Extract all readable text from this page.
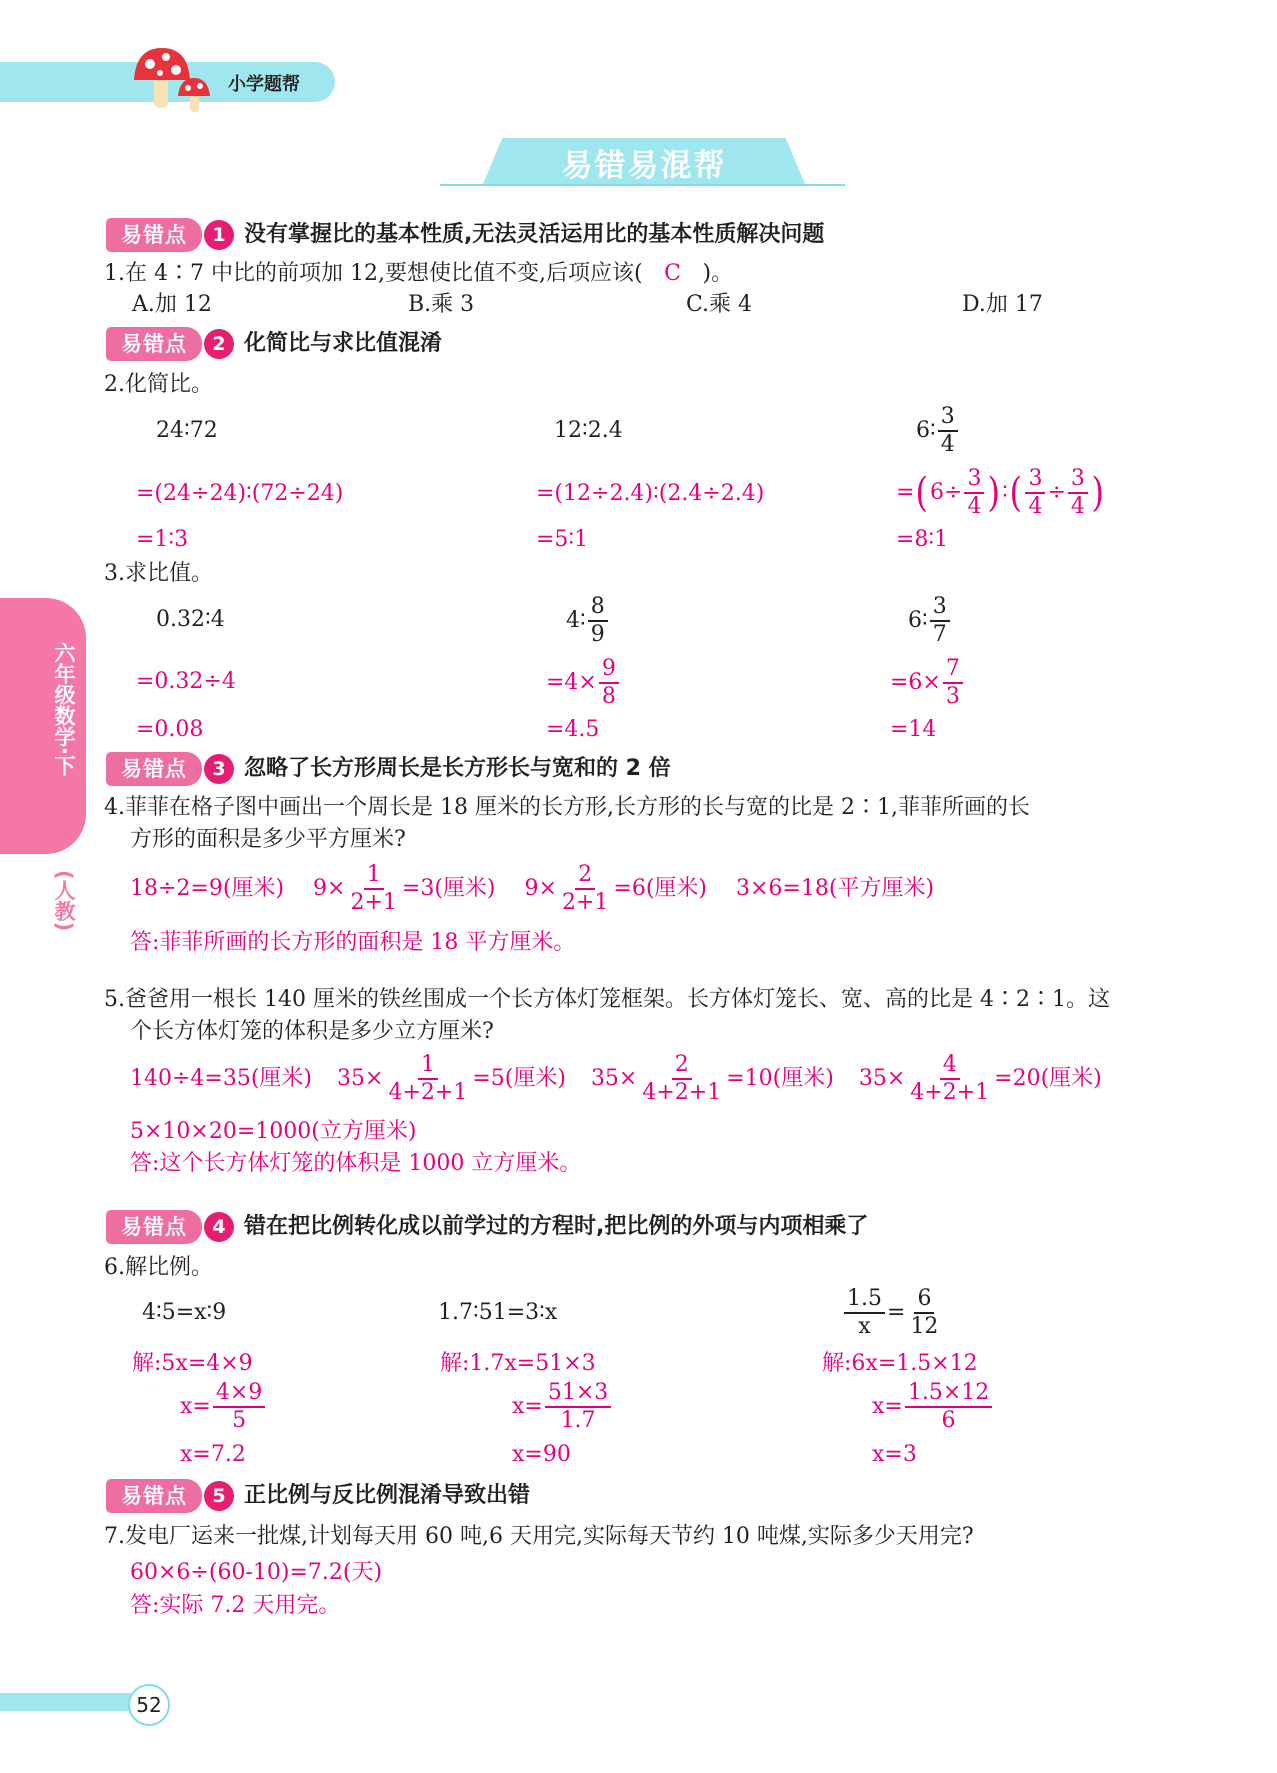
小学题帮
易错易混帮
六年级数学·下
(人教)
易错点	1 没有掌握比的基本性质,无法灵活运用比的基本性质解决问题
1.在 4∶7 中比的前项加 12,要想使比值不变,后项应该( C )。
A.加 12	B.乘 3	C.乘 4	D.加 17
易错点	2 化简比与求比值混淆
2.化简比。
24∶72
=(24÷24)∶(72÷24)
=1∶3
12∶2.4
=(12÷2.4)∶(2.4÷2.4)
=5∶1
6∶ $\frac{3}{4}$
$=(6\div \frac{3}{4}$ )∶( $\frac{3}{4} \div \frac{3}{4}$ )
=8∶1
3.求比值。
0.32∶4
=0.32÷4
=0.08
4∶ $\frac{8}{9}$
$=4\times \frac{9}{8}$
=4.5
6∶ $\frac{3}{7}$
$=6\times \frac{7}{3}$
=14
易错点	3 忽略了长方形周长是长方形长与宽和的 2 倍
4.菲菲在格子图中画出一个周长是 18 厘米的长方形,长方形的长与宽的比是 2∶1,菲菲所画的长
方形的面积是多少平方厘米?
18÷2=9(厘米) $9\times \frac{1}{2+1} =3$(厘米) $9\times \frac{2}{2+1} =6$(厘米) 3×6=18(平方厘米)
答:菲菲所画的长方形的面积是 18 平方厘米。
5.爸爸用一根长 140 厘米的铁丝围成一个长方体灯笼框架。长方体灯笼长、宽、高的比是 4∶2∶1。这
个长方体灯笼的体积是多少立方厘米?
140÷4=35(厘米) $35\times \frac{1}{4+2+1} =5$(厘米) $35\times \frac{2}{4+2+1} =10$(厘米) $35\times \frac{4}{4+2+1} =20$(厘米)
5×10×20=1000(立方厘米)
答:这个长方体灯笼的体积是 1000 立方厘米。
易错点	4 错在把比例转化成以前学过的方程时,把比例的外项与内项相乘了
6.解比例。
4∶5=x∶9
解:5x=4×9
$x= \frac{4\times 9}{5}$
x=7.2
1.7∶51=3∶x
解:1.7x=51×3
$x= \frac{51\times 3}{1.7}$
x=90
$\frac{1.5}{x} = \frac{6}{12}$
解:6x=1.5×12
$x= \frac{1.5\times 12}{6}$
x=3
易错点	5 正比例与反比例混淆导致出错
7.发电厂运来一批煤,计划每天用 60 吨,6 天用完,实际每天节约 10 吨煤,实际多少天用完?
60×6÷(60-10)=7.2(天)
答:实际 7.2 天用完。
52
